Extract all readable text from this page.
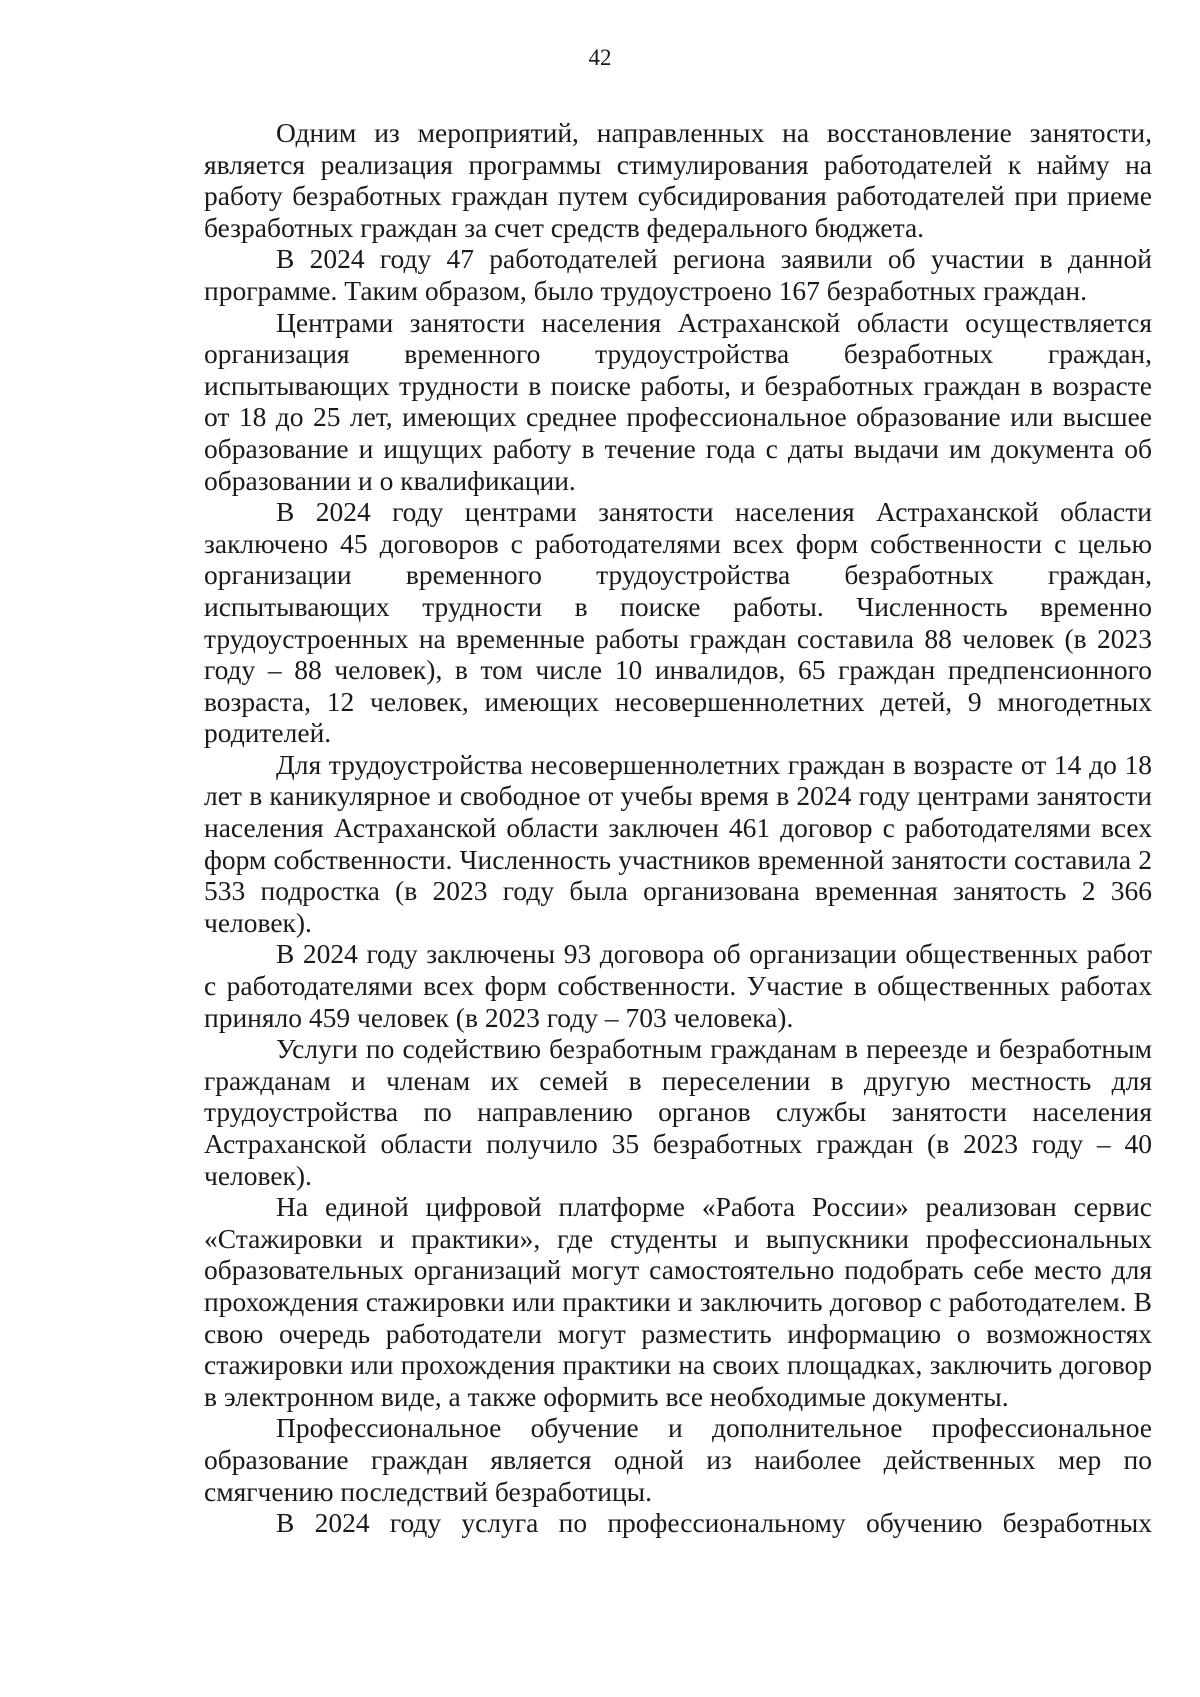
42

Одним из мероприятий, направленных на восстановление занятости, является реализация программы стимулирования работодателей к найму на работу безработных граждан путем субсидирования работодателей при приеме безработных граждан за счет средств федерального бюджета.

В 2024 году 47 работодателей региона заявили об участии в данной программе. Таким образом, было трудоустроено 167 безработных граждан.

Центрами занятости населения Астраханской области осуществляется организация временного трудоустройства безработных граждан, испытывающих трудности в поиске работы, и безработных граждан в возрасте от 18 до 25 лет, имеющих среднее профессиональное образование или высшее образование и ищущих работу в течение года с даты выдачи им документа об образовании и о квалификации.

В 2024 году центрами занятости населения Астраханской области заключено 45 договоров с работодателями всех форм собственности с целью организации временного трудоустройства безработных граждан, испытывающих трудности в поиске работы. Численность временно трудоустроенных на временные работы граждан составила 88 человек (в 2023 году – 88 человек), в том числе 10 инвалидов, 65 граждан предпенсионного возраста, 12 человек, имеющих несовершеннолетних детей, 9 многодетных родителей.

Для трудоустройства несовершеннолетних граждан в возрасте от 14 до 18 лет в каникулярное и свободное от учебы время в 2024 году центрами занятости населения Астраханской области заключен 461 договор с работодателями всех форм собственности. Численность участников временной занятости составила 2 533 подростка (в 2023 году была организована временная занятость 2 366 человек).

В 2024 году заключены 93 договора об организации общественных работ с работодателями всех форм собственности. Участие в общественных работах приняло 459 человек (в 2023 году – 703 человека).

Услуги по содействию безработным гражданам в переезде и безработным гражданам и членам их семей в переселении в другую местность для трудоустройства по направлению органов службы занятости населения Астраханской области получило 35 безработных граждан (в 2023 году – 40 человек).

На единой цифровой платформе «Работа России» реализован сервис «Стажировки и практики», где студенты и выпускники профессиональных образовательных организаций могут самостоятельно подобрать себе место для прохождения стажировки или практики и заключить договор с работодателем. В свою очередь работодатели могут разместить информацию о возможностях стажировки или прохождения практики на своих площадках, заключить договор в электронном виде, а также оформить все необходимые документы.

Профессиональное обучение и дополнительное профессиональное образование граждан является одной из наиболее действенных мер по смягчению последствий безработицы.

В 2024 году услуга по профессиональному обучению безработных
